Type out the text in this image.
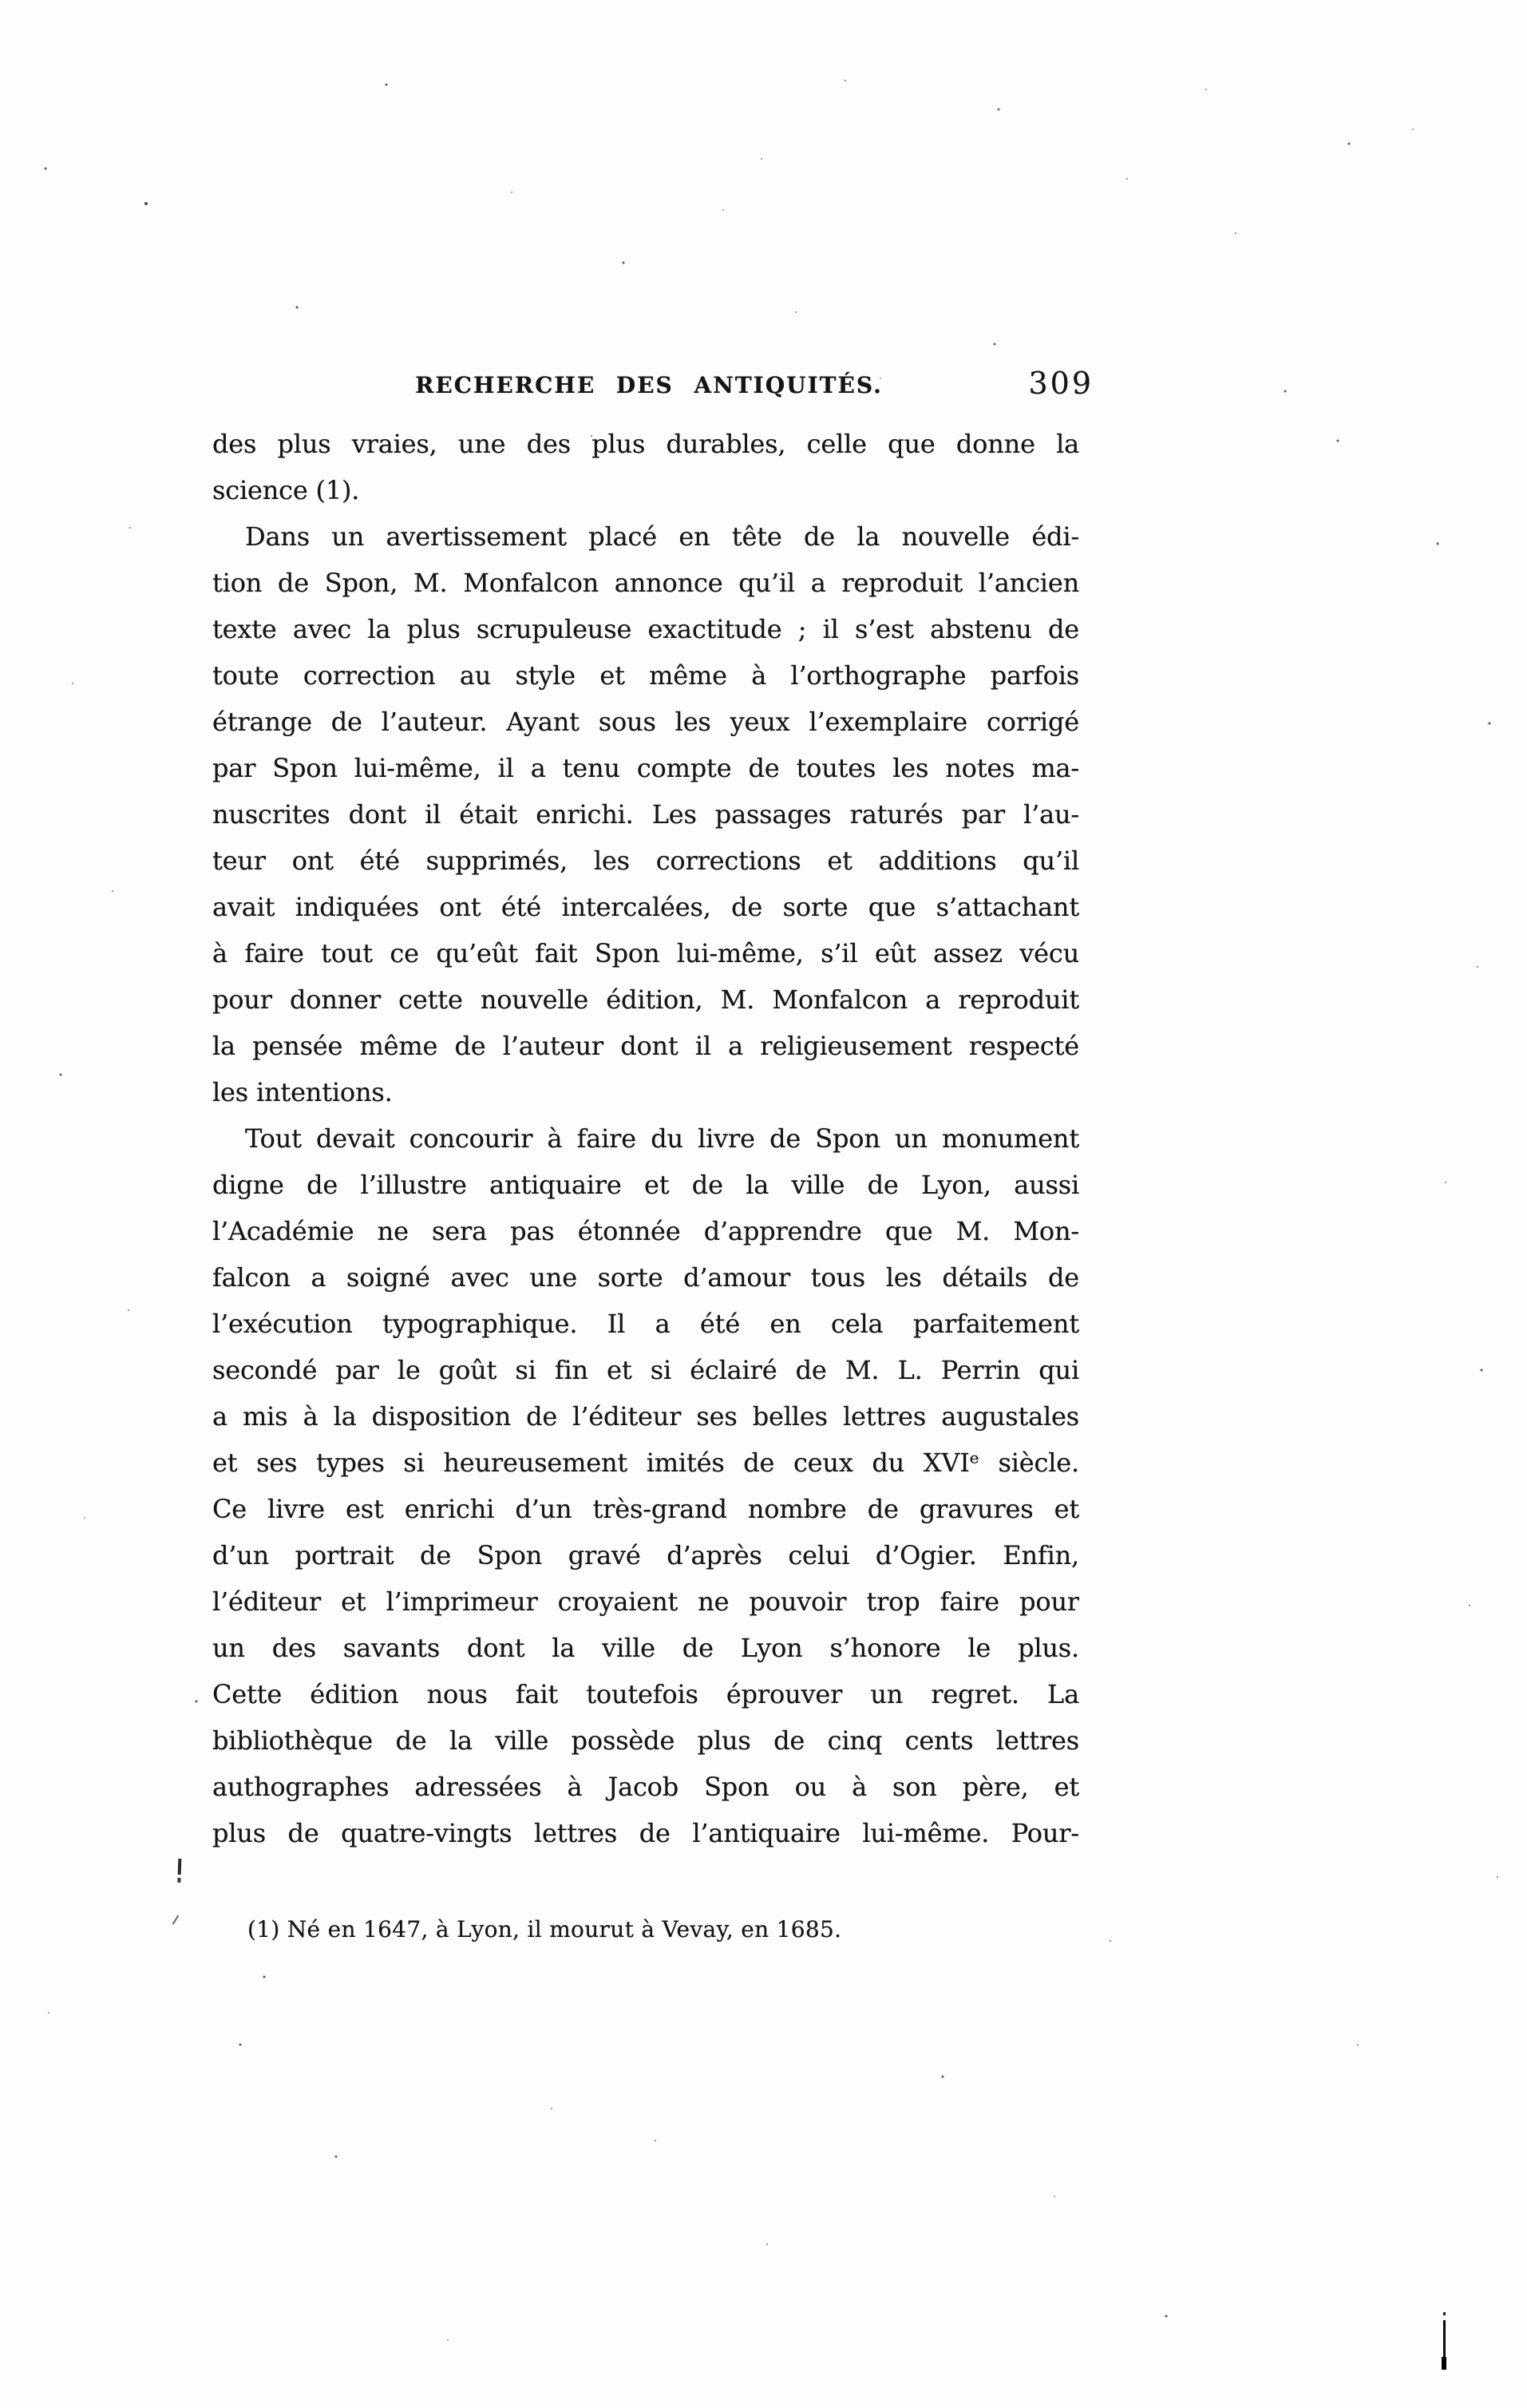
RECHERCHE DES ANTIQUITÉS.	309
des plus vraies, une des plus durables, celle que donne la
science (1).
Dans un avertissement placé en tête de la nouvelle édi-
tion de Spon, M. Monfalcon annonce qu’il a reproduit l’ancien
texte avec la plus scrupuleuse exactitude ; il s’est abstenu de
toute correction au style et même à l’orthographe parfois
étrange de l’auteur. Ayant sous les yeux l’exemplaire corrigé
par Spon lui-même, il a tenu compte de toutes les notes ma-
nuscrites dont il était enrichi. Les passages raturés par l’au-
teur ont été supprimés, les corrections et additions qu’il
avait indiquées ont été intercalées, de sorte que s’attachant
à faire tout ce qu’eût fait Spon lui-même, s’il eût assez vécu
pour donner cette nouvelle édition, M. Monfalcon a reproduit
la pensée même de l’auteur dont il a religieusement respecté
les intentions.
Tout devait concourir à faire du livre de Spon un monument
digne de l’illustre antiquaire et de la ville de Lyon, aussi
l’Académie ne sera pas étonnée d’apprendre que M. Mon-
falcon a soigné avec une sorte d’amour tous les détails de
l’exécution typographique. Il a été en cela parfaitement
secondé par le goût si fin et si éclairé de M. L. Perrin qui
a mis à la disposition de l’éditeur ses belles lettres augustales
et ses types si heureusement imités de ceux du XVIᵉ siècle.
Ce livre est enrichi d’un très-grand nombre de gravures et
d’un portrait de Spon gravé d’après celui d’Ogier. Enfin,
l’éditeur et l’imprimeur croyaient ne pouvoir trop faire pour
un des savants dont la ville de Lyon s’honore le plus.
Cette édition nous fait toutefois éprouver un regret. La
bibliothèque de la ville possède plus de cinq cents lettres
authographes adressées à Jacob Spon ou à son père, et
plus de quatre-vingts lettres de l’antiquaire lui-même. Pour-
(1) Né en 1647, à Lyon, il mourut à Vevay, en 1685.
